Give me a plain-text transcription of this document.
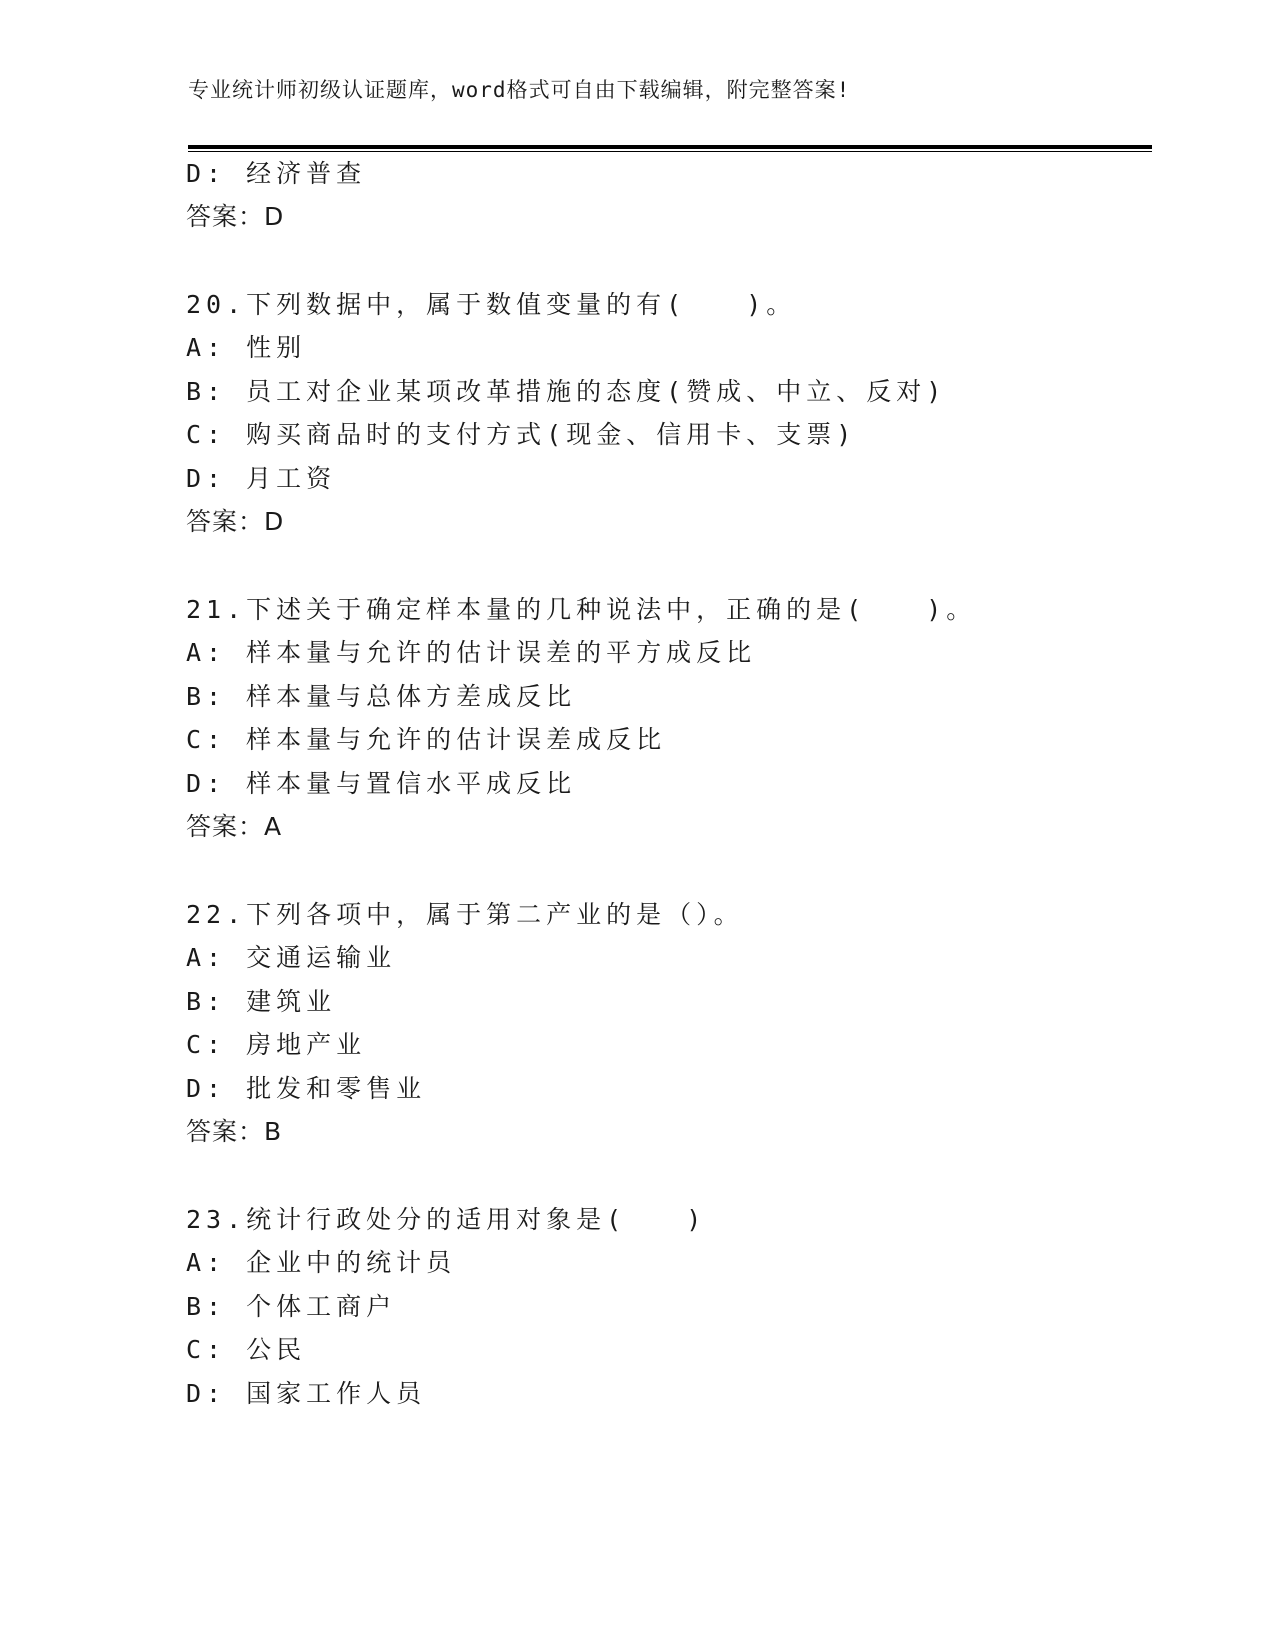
专业统计师初级认证题库，word格式可自由下载编辑，附完整答案!
D: 经济普查
答案：D
20.下列数据中，属于数值变量的有(　　)。
A: 性别
B: 员工对企业某项改革措施的态度(赞成、中立、反对)
C: 购买商品时的支付方式(现金、信用卡、支票)
D: 月工资
答案：D
21.下述关于确定样本量的几种说法中，正确的是(　　)。
A: 样本量与允许的估计误差的平方成反比
B: 样本量与总体方差成反比
C: 样本量与允许的估计误差成反比
D: 样本量与置信水平成反比
答案：A
22.下列各项中，属于第二产业的是（）。
A: 交通运输业
B: 建筑业
C: 房地产业
D: 批发和零售业
答案：B
23.统计行政处分的适用对象是(　　)
A: 企业中的统计员
B: 个体工商户
C: 公民
D: 国家工作人员
